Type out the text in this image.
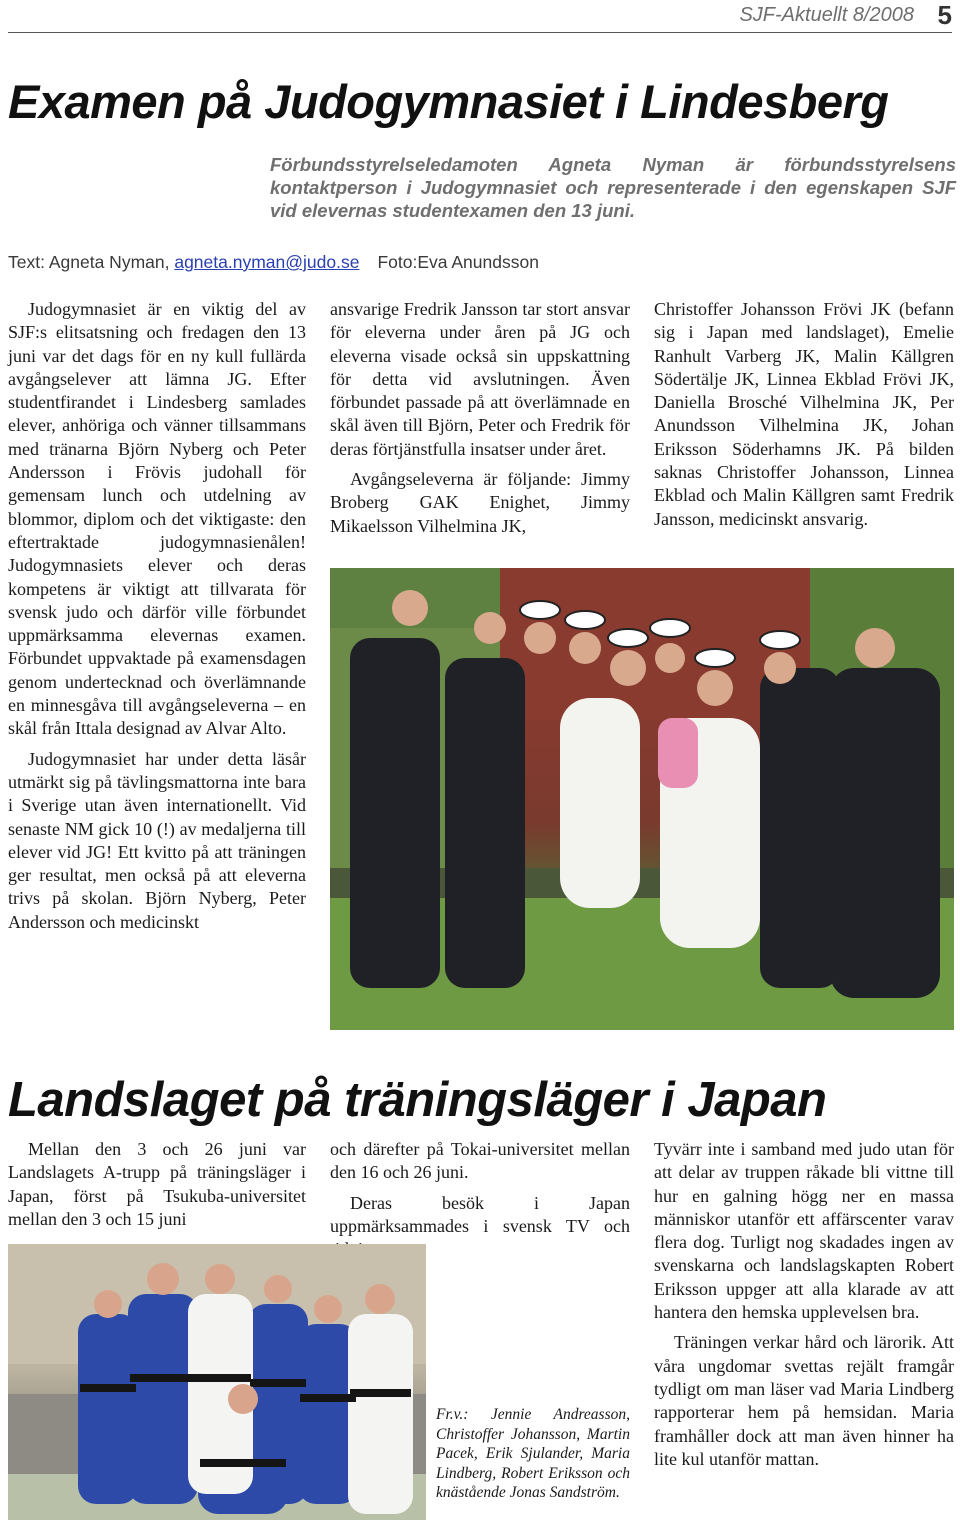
SJF-Aktuellt 8/2008 5
Examen på Judogymnasiet i Lindesberg
Förbundsstyrelseledamoten Agneta Nyman är förbundsstyrelsens kontaktperson i Judogymnasiet och representerade i den egenskapen SJF vid elevernas studentexamen den 13 juni.
Text: Agneta Nyman, agneta.nyman@judo.se Foto:Eva Anundsson

Judogymnasiet är en viktig del av SJF:s elitsatsning och fredagen den 13 juni var det dags för en ny kull fullärda avgångselever att lämna JG. Efter studentfirandet i Lindesberg samlades elever, anhöriga och vänner tillsammans med tränarna Björn Nyberg och Peter Andersson i Frövis judohall för gemensam lunch och utdelning av blommor, diplom och det viktigaste: den eftertraktade judogymnasienålen! Judogymnasiets elever och deras kompetens är viktigt att tillvarata för svensk judo och därför ville förbundet uppmärksamma elevernas examen. Förbundet uppvaktade på examensdagen genom undertecknad och överlämnande en minnesgåva till avgångseleverna – en skål från Ittala designad av Alvar Alto.

Judogymnasiet har under detta läsår utmärkt sig på tävlingsmattorna inte bara i Sverige utan även internationellt. Vid senaste NM gick 10 (!) av medaljerna till elever vid JG! Ett kvitto på att träningen ger resultat, men också på att eleverna trivs på skolan. Björn Nyberg, Peter Andersson och medicinskt

ansvarige Fredrik Jansson tar stort ansvar för eleverna under åren på JG och eleverna visade också sin uppskattning för detta vid avslutningen. Även förbundet passade på att överlämnade en skål även till Björn, Peter och Fredrik för deras förtjänstfulla insatser under året.

Avgångseleverna är följande: Jimmy Broberg GAK Enighet, Jimmy Mikaelsson Vilhelmina JK,

Christoffer Johansson Frövi JK (befann sig i Japan med landslaget), Emelie Ranhult Varberg JK, Malin Källgren Södertälje JK, Linnea Ekblad Frövi JK, Daniella Brosché Vilhelmina JK, Per Anundsson Vilhelmina JK, Johan Eriksson Söderhamns JK. På bilden saknas Christoffer Johansson, Linnea Ekblad och Malin Källgren samt Fredrik Jansson, medicinskt ansvarig.

Landslaget på träningsläger i Japan

Mellan den 3 och 26 juni var Landslagets A-trupp på träningsläger i Japan, först på Tsukuba-universitet mellan den 3 och 15 juni

och därefter på Tokai-universitet mellan den 16 och 26 juni.

Deras besök i Japan uppmärksammades i svensk TV och

Tyvärr inte i samband med judo utan för att delar av truppen råkade bli vittne till hur en galning högg ner en massa människor utanför ett affärscenter varav flera dog. Turligt nog skadades ingen av svenskarna och landslagskapten Robert Eriksson uppger att alla klarade av att hantera den hemska upplevelsen bra.

Träningen verkar hård och lärorik. Att våra ungdomar svettas rejält framgår tydligt om man läser vad Maria Lindberg rapporterar hem på hemsidan. Maria framhåller dock att man även hinner ha lite kul utanför mattan.

Fr.v.: Jennie Andreasson, Christoffer Johansson, Martin Pacek, Erik Sjulander, Maria Lindberg, Robert Eriksson och knästående Jonas Sandström.
